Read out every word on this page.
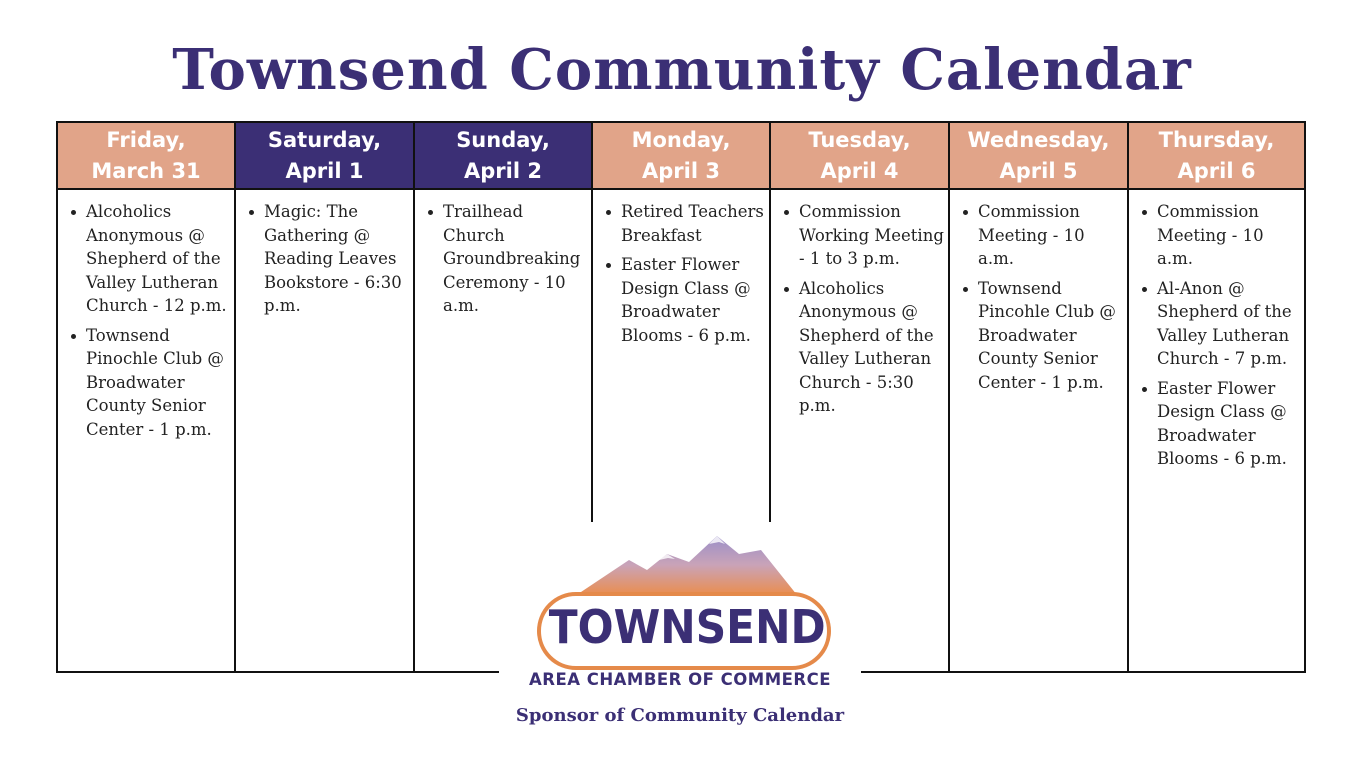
Townsend Community Calendar
Friday,
March 31
Alcoholics Anonymous @ Shepherd of the Valley Lutheran Church - 12 p.m.
Townsend Pinochle Club @ Broadwater County Senior Center - 1 p.m.
Saturday,
April 1
Magic: The Gathering @ Reading Leaves Bookstore - 6:30 p.m.
Sunday,
April 2
Trailhead Church Groundbreaking Ceremony - 10 a.m.
Monday,
April 3
Retired Teachers Breakfast
Easter Flower Design Class @ Broadwater Blooms - 6 p.m.
Tuesday,
April 4
Commission Working Meeting - 1 to 3 p.m.
Alcoholics Anonymous @ Shepherd of the Valley Lutheran Church - 5:30 p.m.
Wednesday,
April 5
Commission Meeting - 10 a.m.
Townsend Pincohle Club @ Broadwater County Senior Center - 1 p.m.
Thursday,
April 6
Commission Meeting - 10 a.m.
Al-Anon @ Shepherd of the Valley Lutheran Church - 7 p.m.
Easter Flower Design Class @ Broadwater Blooms - 6 p.m.
TOWNSEND
AREA CHAMBER OF COMMERCE
Sponsor of Community Calendar
